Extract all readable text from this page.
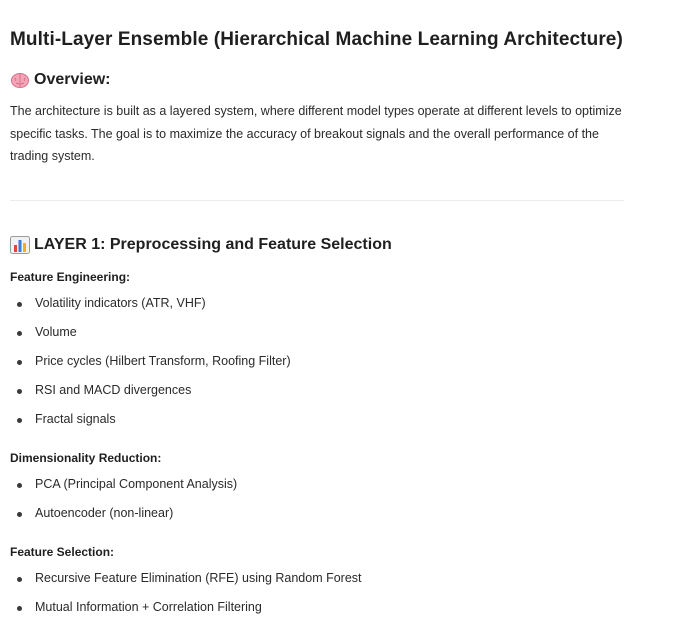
Multi-Layer Ensemble (Hierarchical Machine Learning Architecture)
Overview:

The architecture is built as a layered system, where different model types operate at different levels to optimize specific tasks. The goal is to maximize the accuracy of breakout signals and the overall performance of the trading system.

LAYER 1: Preprocessing and Feature Selection

Feature Engineering:

Volatility indicators (ATR, VHF)
Volume
Price cycles (Hilbert Transform, Roofing Filter)
RSI and MACD divergences
Fractal signals

Dimensionality Reduction:

PCA (Principal Component Analysis)
Autoencoder (non-linear)

Feature Selection:

Recursive Feature Elimination (RFE) using Random Forest
Mutual Information + Correlation Filtering
